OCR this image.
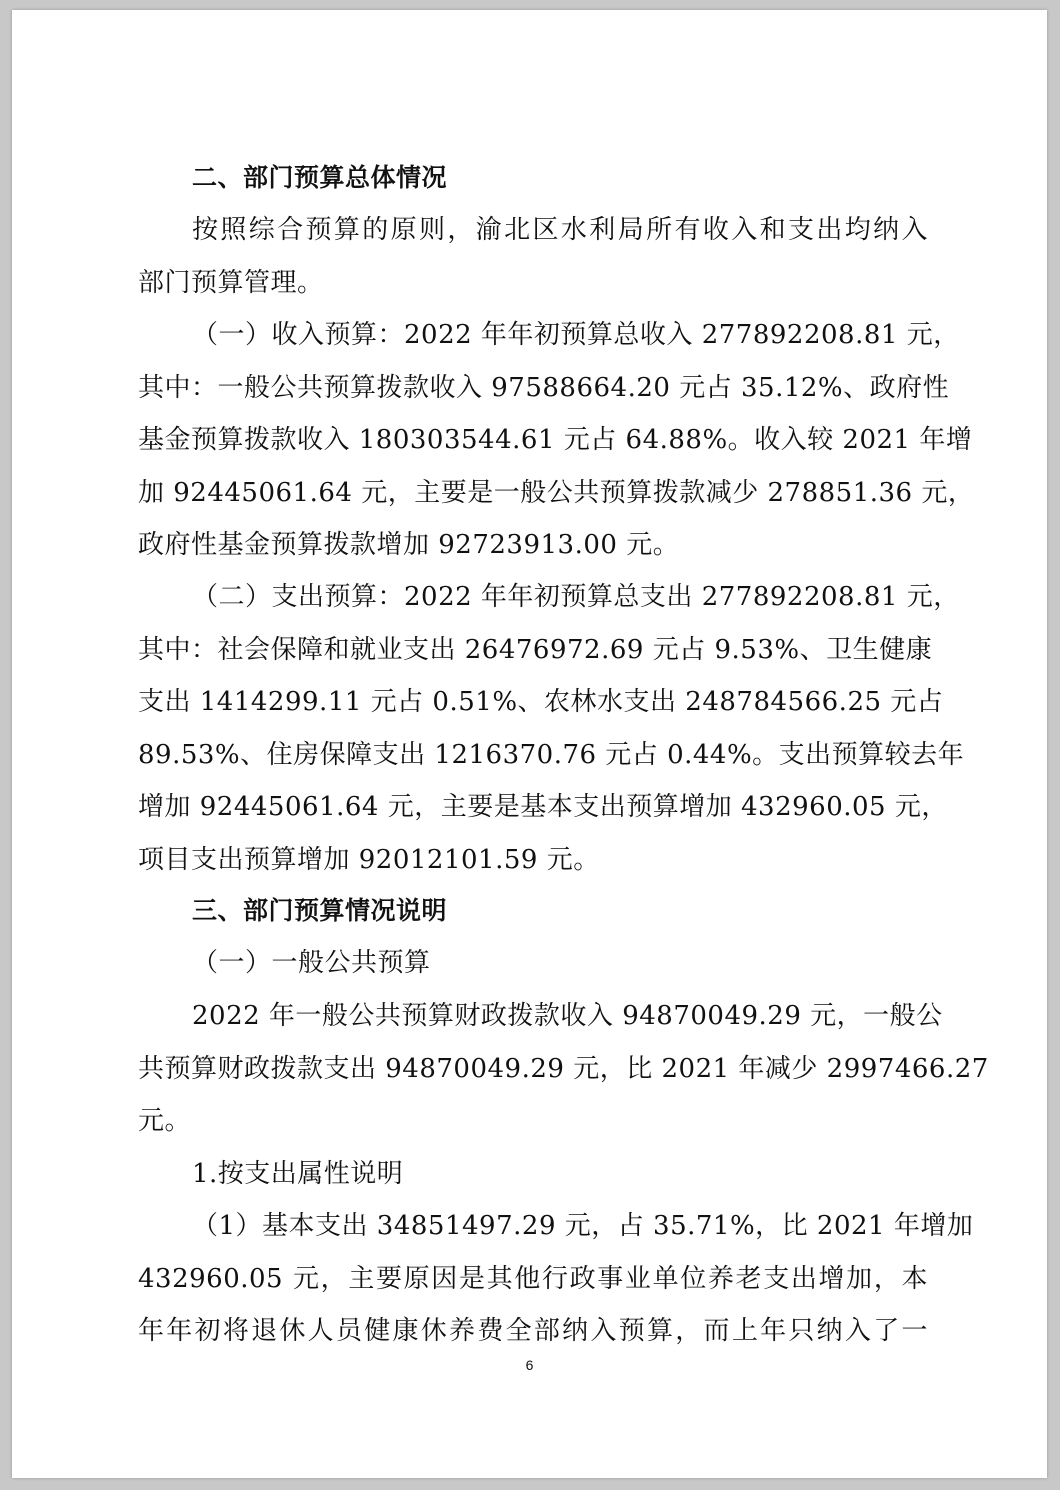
二、部门预算总体情况
按照综合预算的原则，渝北区水利局所有收入和支出均纳入
部门预算管理。
（一）收入预算：2022 年年初预算总收入 277892208.81 元，
其中：一般公共预算拨款收入 97588664.20 元占 35.12%、政府性
基金预算拨款收入 180303544.61 元占 64.88%。收入较 2021 年增
加 92445061.64 元，主要是一般公共预算拨款减少 278851.36 元，
政府性基金预算拨款增加 92723913.00 元。
（二）支出预算：2022 年年初预算总支出 277892208.81 元，
其中：社会保障和就业支出 26476972.69 元占 9.53%、卫生健康
支出 1414299.11 元占 0.51%、农林水支出 248784566.25 元占
89.53%、住房保障支出 1216370.76 元占 0.44%。支出预算较去年
增加 92445061.64 元，主要是基本支出预算增加 432960.05 元，
项目支出预算增加 92012101.59 元。
三、部门预算情况说明
（一）一般公共预算
2022 年一般公共预算财政拨款收入 94870049.29 元，一般公
共预算财政拨款支出 94870049.29 元，比 2021 年减少 2997466.27
元。
1.按支出属性说明
（1）基本支出 34851497.29 元，占 35.71%，比 2021 年增加
432960.05 元，主要原因是其他行政事业单位养老支出增加，本
年年初将退休人员健康休养费全部纳入预算，而上年只纳入了一
6
